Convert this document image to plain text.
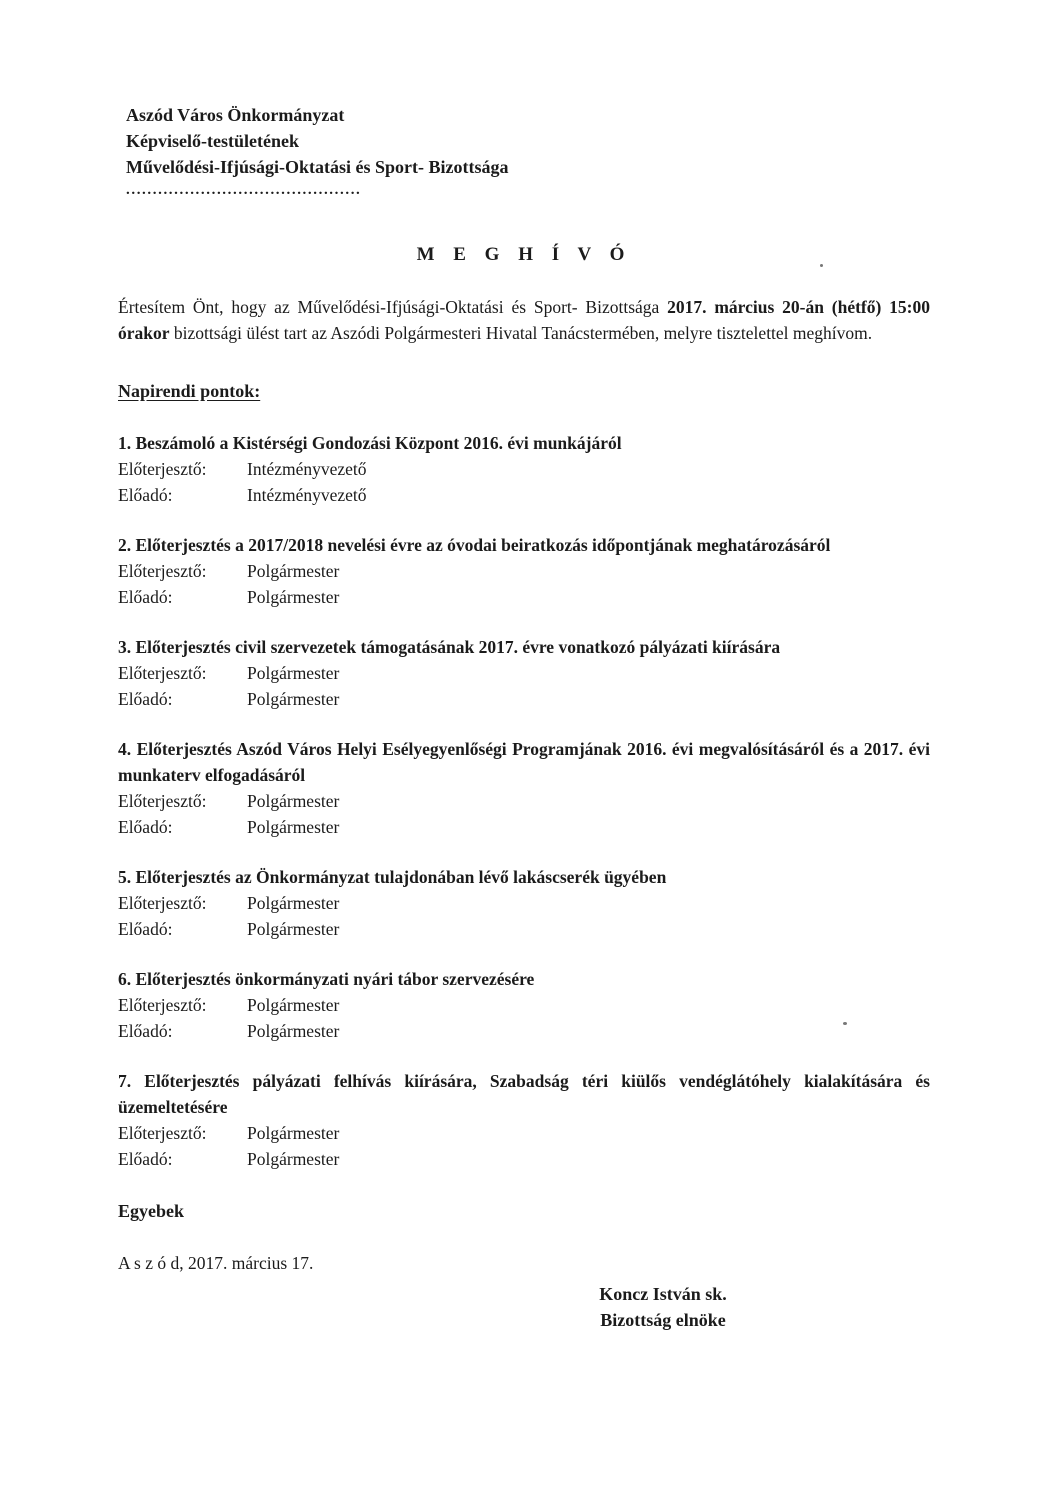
Aszód Város Önkormányzat
Képviselő-testületének
Művelődési-Ifjúsági-Oktatási és Sport- Bizottsága
............................................
M E G H Í V Ó

Értesítem Önt, hogy az Művelődési-Ifjúsági-Oktatási és Sport- Bizottsága 2017. március 20-án (hétfő) 15:00 órakor bizottsági ülést tart az Aszódi Polgármesteri Hivatal Tanácstermében, melyre tisztelettel meghívom.

Napirendi pontok:
1. Beszámoló a Kistérségi Gondozási Központ 2016. évi munkájáról
Előterjesztő:	Intézményvezető
Előadó:	Intézményvezető
2. Előterjesztés a 2017/2018 nevelési évre az óvodai beiratkozás időpontjának meghatározásáról
Előterjesztő:	Polgármester
Előadó:	Polgármester
3. Előterjesztés civil szervezetek támogatásának 2017. évre vonatkozó pályázati kiírására
Előterjesztő:	Polgármester
Előadó:	Polgármester
4. Előterjesztés Aszód Város Helyi Esélyegyenlőségi Programjának 2016. évi megvalósításáról és a 2017. évi munkaterv elfogadásáról
Előterjesztő:	Polgármester
Előadó:	Polgármester
5. Előterjesztés az Önkormányzat tulajdonában lévő lakáscserék ügyében
Előterjesztő:	Polgármester
Előadó:	Polgármester
6. Előterjesztés önkormányzati nyári tábor szervezésére
Előterjesztő:	Polgármester
Előadó:	Polgármester
7. Előterjesztés pályázati felhívás kiírására, Szabadság téri kiülős vendéglátóhely kialakítására és üzemeltetésére
Előterjesztő:	Polgármester
Előadó:	Polgármester
Egyebek
A s z ó d, 2017. március 17.
Koncz István sk.
Bizottság elnöke
